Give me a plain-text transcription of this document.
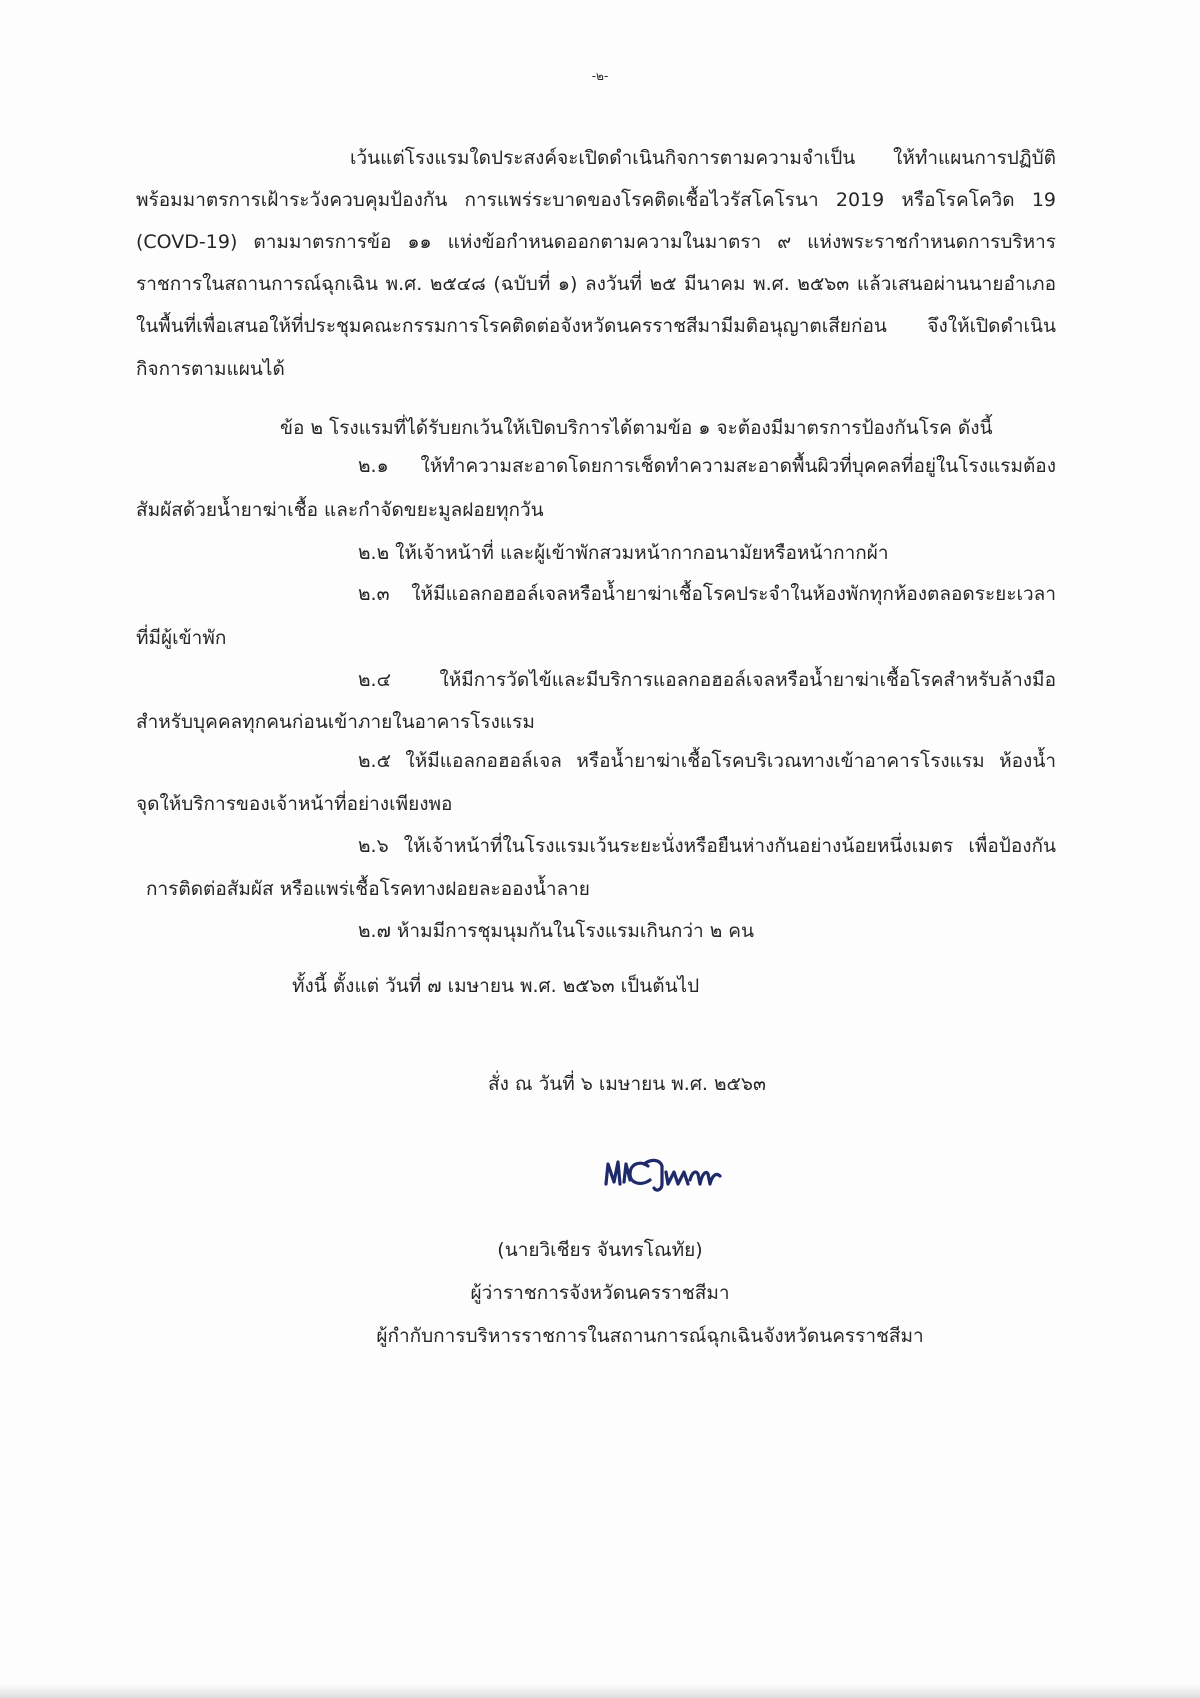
-๒-
เว้นแต่โรงแรมใดประสงค์จะเปิดดำเนินกิจการตามความจำเป็น ให้ทำแผนการปฏิบัติ
พร้อมมาตรการเฝ้าระวังควบคุมป้องกัน การแพร่ระบาดของโรคติดเชื้อไวรัสโคโรนา 2019 หรือโรคโควิด 19
(COVD-19) ตามมาตรการข้อ ๑๑ แห่งข้อกำหนดออกตามความในมาตรา ๙ แห่งพระราชกำหนดการบริหาร
ราชการในสถานการณ์ฉุกเฉิน พ.ศ. ๒๕๔๘ (ฉบับที่ ๑) ลงวันที่ ๒๕ มีนาคม พ.ศ. ๒๕๖๓ แล้วเสนอผ่านนายอำเภอ
ในพื้นที่เพื่อเสนอให้ที่ประชุมคณะกรรมการโรคติดต่อจังหวัดนครราชสีมามีมติอนุญาตเสียก่อน จึงให้เปิดดำเนิน
กิจการตามแผนได้
ข้อ ๒ โรงแรมที่ได้รับยกเว้นให้เปิดบริการได้ตามข้อ ๑ จะต้องมีมาตรการป้องกันโรค ดังนี้
๒.๑ ให้ทำความสะอาดโดยการเช็ดทำความสะอาดพื้นผิวที่บุคคลที่อยู่ในโรงแรมต้อง
สัมผัสด้วยน้ำยาฆ่าเชื้อ และกำจัดขยะมูลฝอยทุกวัน
๒.๒ ให้เจ้าหน้าที่ และผู้เข้าพักสวมหน้ากากอนามัยหรือหน้ากากผ้า
๒.๓ ให้มีแอลกอฮอล์เจลหรือน้ำยาฆ่าเชื้อโรคประจำในห้องพักทุกห้องตลอดระยะเวลา
ที่มีผู้เข้าพัก
๒.๔ ให้มีการวัดไข้และมีบริการแอลกอฮอล์เจลหรือน้ำยาฆ่าเชื้อโรคสำหรับล้างมือ
สำหรับบุคคลทุกคนก่อนเข้าภายในอาคารโรงแรม
๒.๕ ให้มีแอลกอฮอล์เจล หรือน้ำยาฆ่าเชื้อโรคบริเวณทางเข้าอาคารโรงแรม ห้องน้ำ
จุดให้บริการของเจ้าหน้าที่อย่างเพียงพอ
๒.๖ ให้เจ้าหน้าที่ในโรงแรมเว้นระยะนั่งหรือยืนห่างกันอย่างน้อยหนึ่งเมตร เพื่อป้องกัน
การติดต่อสัมผัส หรือแพร่เชื้อโรคทางฝอยละอองน้ำลาย
๒.๗ ห้ามมีการชุมนุมกันในโรงแรมเกินกว่า ๒ คน
ทั้งนี้ ตั้งแต่ วันที่ ๗ เมษายน พ.ศ. ๒๕๖๓ เป็นต้นไป
สั่ง ณ วันที่ ๖ เมษายน พ.ศ. ๒๕๖๓
(นายวิเชียร จันทรโณทัย)
ผู้ว่าราชการจังหวัดนครราชสีมา
ผู้กำกับการบริหารราชการในสถานการณ์ฉุกเฉินจังหวัดนครราชสีมา
